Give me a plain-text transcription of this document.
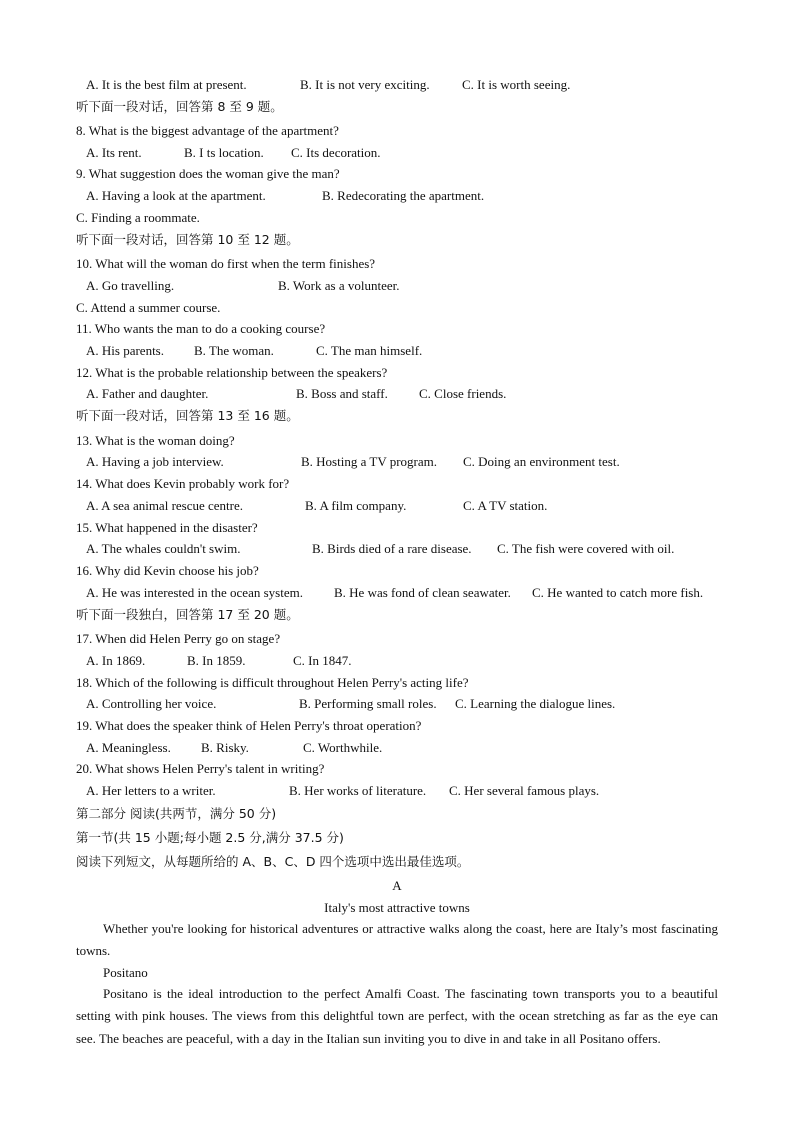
A. It is the best film at present.	B. It is not very exciting. C. It is worth seeing.
听下面一段对话，回答第 8 至 9 题。
8. What is the biggest advantage of the apartment?
A. Its rent.	B. I ts location. C. Its decoration.
9. What suggestion does the woman give the man?
A. Having a look at the apartment.	B. Redecorating the apartment.
C. Finding a roommate.
听下面一段对话，回答第 10 至 12 题。
10. What will the woman do first when the term finishes?
A. Go travelling.	B. Work as a volunteer.
C. Attend a summer course.
11. Who wants the man to do a cooking course?
A. His parents. B. The woman.	C. The man himself.
12. What is the probable relationship between the speakers?
A. Father and daughter.	B. Boss and staff. C. Close friends.
听下面一段对话，回答第 13 至 16 题。
13. What is the woman doing?
A. Having a job interview.	B. Hosting a TV program. C. Doing an environment test.
14. What does Kevin probably work for?
A. A sea animal rescue centre.	B. A film company.	C. A TV station.
15. What happened in the disaster?
A. The whales couldn't swim.	B. Birds died of a rare disease. C. The fish were covered with oil.
16. Why did Kevin choose his job?
A. He was interested in the ocean system. B. He was fond of clean seawater. C. He wanted to catch more fish.
听下面一段独白，回答第 17 至 20 题。
17. When did Helen Perry go on stage?
A. In 1869.	B. In 1859.	C. In 1847.
18. Which of the following is difficult throughout Helen Perry's acting life?
A. Controlling her voice.	B. Performing small roles. C. Learning the dialogue lines.
19. What does the speaker think of Helen Perry's throat operation?
A. Meaningless. B. Risky.	C. Worthwhile.
20. What shows Helen Perry's talent in writing?
A. Her letters to a writer.	B. Her works of literature. C. Her several famous plays.
第二部分 阅读(共两节，满分 50 分)
第一节(共 15 小题;每小题 2.5 分,满分 37.5 分)
阅读下列短文，从每题所给的 A、B、C、D 四个选项中选出最佳选项。
A
Italy's most attractive towns
Whether you're looking for historical adventures or attractive walks along the coast, here are Italy’s most fascinating towns.
Positano
Positano is the ideal introduction to the perfect Amalfi Coast. The fascinating town transports you to a beautiful setting with pink houses. The views from this delightful town are perfect, with the ocean stretching as far as the eye can see. The beaches are peaceful, with a day in the Italian sun inviting you to dive in and take in all Positano offers.
